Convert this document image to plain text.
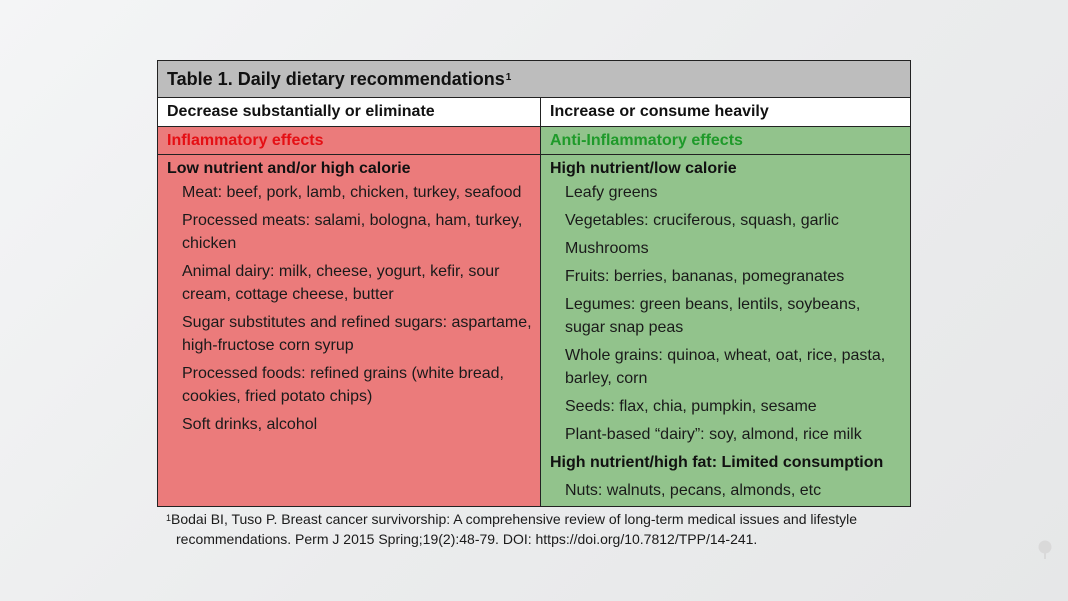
Table 1. Daily dietary recommendations$^1$
Decrease substantially or eliminate	Increase or consume heavily
Inflammatory effects	Anti-Inflammatory effects
Low nutrient and/or high calorie
Meat: beef, pork, lamb, chicken, turkey, seafood
Processed meats: salami, bologna, ham, turkey, chicken
Animal dairy: milk, cheese, yogurt, kefir, sour cream, cottage cheese, butter
Sugar substitutes and refined sugars: aspartame, high-fructose corn syrup
Processed foods: refined grains (white bread, cookies, fried potato chips)
Soft drinks, alcohol
High nutrient/low calorie
Leafy greens
Vegetables: cruciferous, squash, garlic
Mushrooms
Fruits: berries, bananas, pomegranates
Legumes: green beans, lentils, soybeans, sugar snap peas
Whole grains: quinoa, wheat, oat, rice, pasta, barley, corn
Seeds: flax, chia, pumpkin, sesame
Plant-based “dairy”: soy, almond, rice milk
High nutrient/high fat: Limited consumption
Nuts: walnuts, pecans, almonds, etc
$^1$Bodai BI, Tuso P. Breast cancer survivorship: A comprehensive review of long-term medical issues and lifestyle
recommendations. Perm J 2015 Spring;19(2):48-79. DOI: https://doi.org/10.7812/TPP/14-241.
